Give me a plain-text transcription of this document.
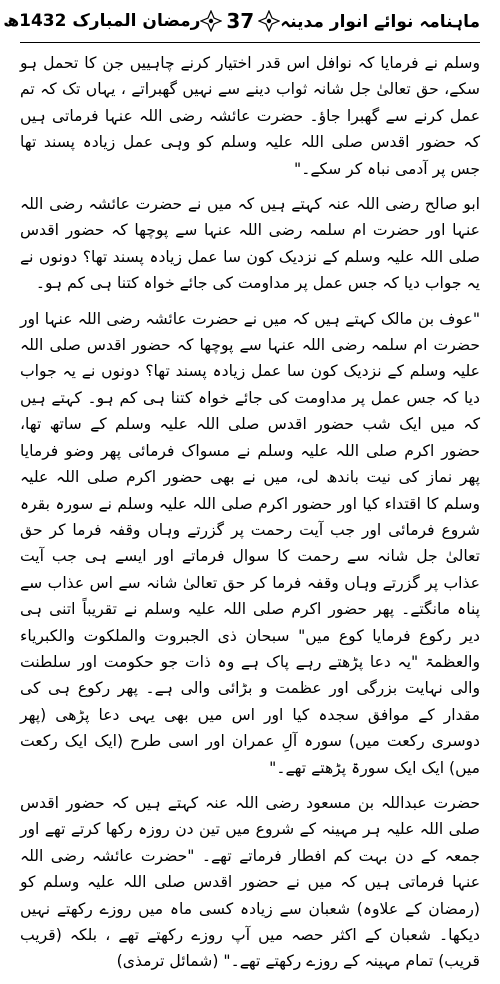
ماہنامہ نوائے انوار مدینہ
37
رمضان المبارک 1432ھ

وسلم نے فرمایا کہ نوافل اس قدر اختیار کرنے چاہییں جن کا تحمل ہو سکے، حق تعالیٰ جل شانہ ثواب دینے سے نہیں گھبراتے ، یہاں تک کہ تم عمل کرنے سے گھبرا جاؤ۔ حضرت عائشہ رضی اللہ عنہا فرماتی ہیں کہ حضور اقدس صلی اللہ علیہ وسلم کو وہی عمل زیادہ پسند تھا جس پر آدمی نباہ کر سکے۔"

ابو صالح رضی اللہ عنہ کہتے ہیں کہ میں نے حضرت عائشہ رضی اللہ عنہا اور حضرت ام سلمہ رضی اللہ عنہا سے پوچھا کہ حضور اقدس صلی اللہ علیہ وسلم کے نزدیک کون سا عمل زیادہ پسند تھا؟ دونوں نے یہ جواب دیا کہ جس عمل پر مداومت کی جائے خواہ کتنا ہی کم ہو۔

"عوف بن مالک کہتے ہیں کہ میں نے حضرت عائشہ رضی اللہ عنہا اور حضرت ام سلمہ رضی اللہ عنہا سے پوچھا کہ حضور اقدس صلی اللہ علیہ وسلم کے نزدیک کون سا عمل زیادہ پسند تھا؟ دونوں نے یہ جواب دیا کہ جس عمل پر مداومت کی جائے خواہ کتنا ہی کم ہو۔ کہتے ہیں کہ میں ایک شب حضور اقدس صلی اللہ علیہ وسلم کے ساتھ تھا، حضور اکرم صلی اللہ علیہ وسلم نے مسواک فرمائی پھر وضو فرمایا پھر نماز کی نیت باندھ لی، میں نے بھی حضور اکرم صلی اللہ علیہ وسلم کا اقتداء کیا اور حضور اکرم صلی اللہ علیہ وسلم نے سورہ بقرہ شروع فرمائی اور جب آیت رحمت پر گزرتے وہاں وقفہ فرما کر حق تعالیٰ جل شانہ سے رحمت کا سوال فرماتے اور ایسے ہی جب آیت عذاب پر گزرتے وہاں وقفہ فرما کر حق تعالیٰ شانہ سے اس عذاب سے پناہ مانگتے۔ پھر حضور اکرم صلی اللہ علیہ وسلم نے تقریباً اتنی ہی دیر رکوع فرمایا کوع میں" سبحان ذی الجبروت والملکوت والکبریاء والعظمۃ "یہ دعا پڑھتے رہے پاک ہے وہ ذات جو حکومت اور سلطنت والی نہایت بزرگی اور عظمت و بڑائی والی ہے۔ پھر رکوع ہی کی مقدار کے موافق سجدہ کیا اور اس میں بھی یہی دعا پڑھی (پھر دوسری رکعت میں) سورہ آلِ عمران اور اسی طرح (ایک ایک رکعت میں) ایک ایک سورۃ پڑھتے تھے۔"

حضرت عبداللہ بن مسعود رضی اللہ عنہ کہتے ہیں کہ حضور اقدس صلی اللہ علیہ ہر مہینہ کے شروع میں تین دن روزہ رکھا کرتے تھے اور جمعہ کے دن بہت کم افطار فرماتے تھے۔ "حضرت عائشہ رضی اللہ عنہا فرماتی ہیں کہ میں نے حضور اقدس صلی اللہ علیہ وسلم کو (رمضان کے علاوہ) شعبان سے زیادہ کسی ماہ میں روزے رکھتے نہیں دیکھا۔ شعبان کے اکثر حصہ میں آپ روزے رکھتے تھے ، بلکہ (قریب قریب) تمام مہینہ کے روزے رکھتے تھے۔" (شمائل ترمذی)
